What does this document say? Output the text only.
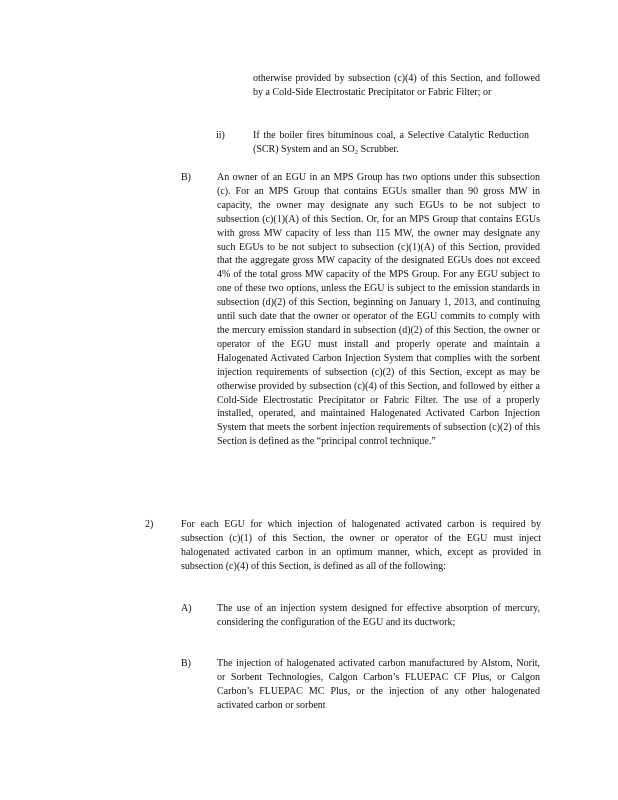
otherwise provided by subsection (c)(4) of this Section, and followed by a Cold-Side Electrostatic Precipitator or Fabric Filter; or
ii)	If the boiler fires bituminous coal, a Selective Catalytic Reduction (SCR) System and an SO₂ Scrubber.
B)	An owner of an EGU in an MPS Group has two options under this subsection (c). For an MPS Group that contains EGUs smaller than 90 gross MW in capacity, the owner may designate any such EGUs to be not subject to subsection (c)(1)(A) of this Section. Or, for an MPS Group that contains EGUs with gross MW capacity of less than 115 MW, the owner may designate any such EGUs to be not subject to subsection (c)(1)(A) of this Section, provided that the aggregate gross MW capacity of the designated EGUs does not exceed 4% of the total gross MW capacity of the MPS Group. For any EGU subject to one of these two options, unless the EGU is subject to the emission standards in subsection (d)(2) of this Section, beginning on January 1, 2013, and continuing until such date that the owner or operator of the EGU commits to comply with the mercury emission standard in subsection (d)(2) of this Section, the owner or operator of the EGU must install and properly operate and maintain a Halogenated Activated Carbon Injection System that complies with the sorbent injection requirements of subsection (c)(2) of this Section, except as may be otherwise provided by subsection (c)(4) of this Section, and followed by either a Cold-Side Electrostatic Precipitator or Fabric Filter. The use of a properly installed, operated, and maintained Halogenated Activated Carbon Injection System that meets the sorbent injection requirements of subsection (c)(2) of this Section is defined as the “principal control technique.”
2)	For each EGU for which injection of halogenated activated carbon is required by subsection (c)(1) of this Section, the owner or operator of the EGU must inject halogenated activated carbon in an optimum manner, which, except as provided in subsection (c)(4) of this Section, is defined as all of the following:
A)	The use of an injection system designed for effective absorption of mercury, considering the configuration of the EGU and its ductwork;
B)	The injection of halogenated activated carbon manufactured by Alstom, Norit, or Sorbent Technologies, Calgon Carbon’s FLUEPAC CF Plus, or Calgon Carbon’s FLUEPAC MC Plus, or the injection of any other halogenated activated carbon or sorbent
